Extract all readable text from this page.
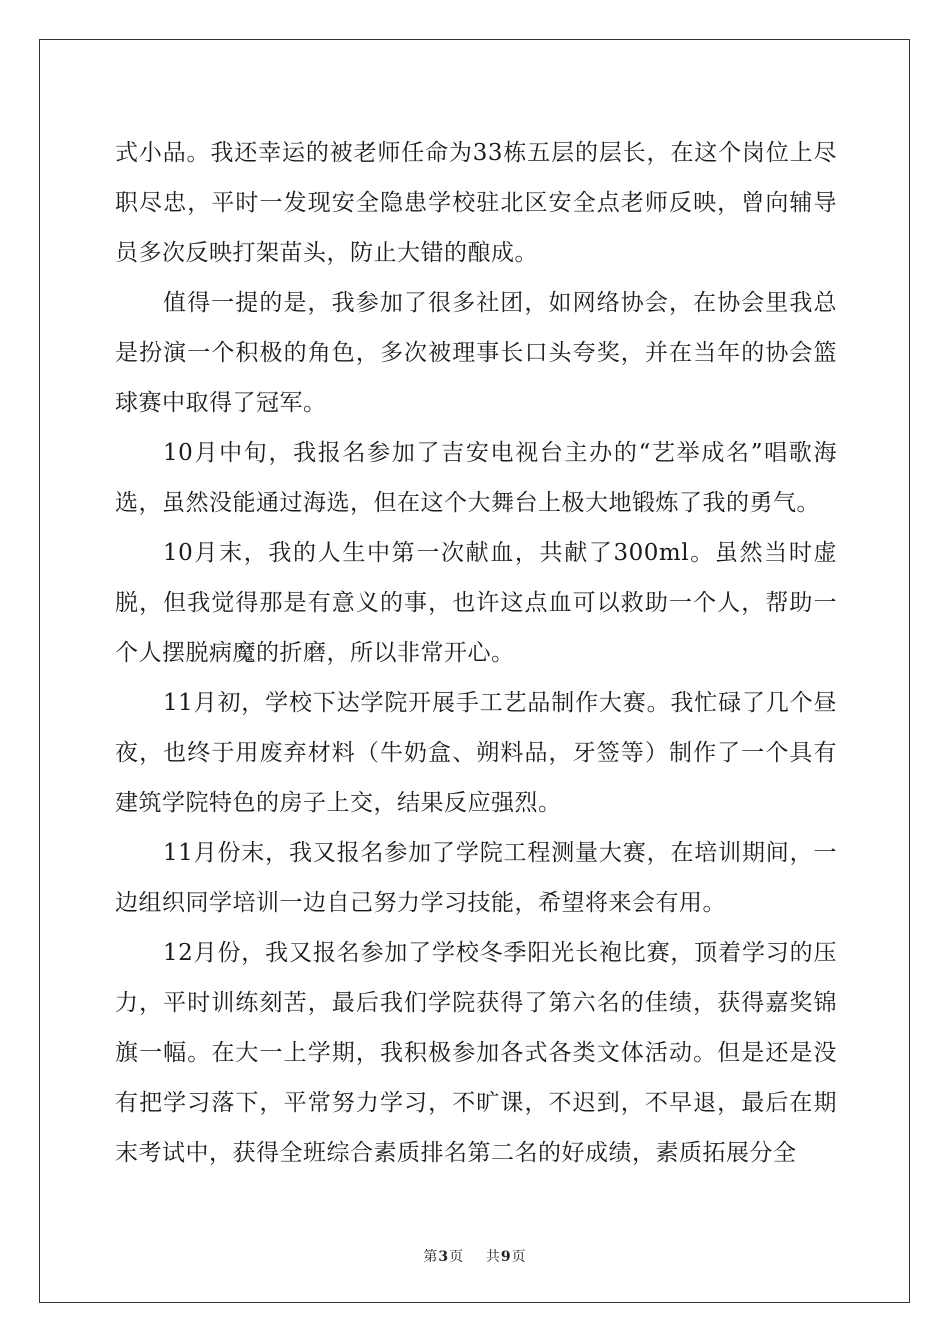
式小品。我还幸运的被老师任命为33栋五层的层长，在这个岗位上尽职尽忠，平时一发现安全隐患学校驻北区安全点老师反映，曾向辅导员多次反映打架苗头，防止大错的酿成。

值得一提的是，我参加了很多社团，如网络协会，在协会里我总是扮演一个积极的角色，多次被理事长口头夸奖，并在当年的协会篮球赛中取得了冠军。

10月中旬，我报名参加了吉安电视台主办的“艺举成名”唱歌海选，虽然没能通过海选，但在这个大舞台上极大地锻炼了我的勇气。

10月末，我的人生中第一次献血，共献了300ml。虽然当时虚脱，但我觉得那是有意义的事，也许这点血可以救助一个人，帮助一个人摆脱病魔的折磨，所以非常开心。

11月初，学校下达学院开展手工艺品制作大赛。我忙碌了几个昼夜，也终于用废弃材料（牛奶盒、朔料品，牙签等）制作了一个具有建筑学院特色的房子上交，结果反应强烈。

11月份末，我又报名参加了学院工程测量大赛，在培训期间，一边组织同学培训一边自己努力学习技能，希望将来会有用。

12月份，我又报名参加了学校冬季阳光长袍比赛，顶着学习的压力，平时训练刻苦，最后我们学院获得了第六名的佳绩，获得嘉奖锦旗一幅。在大一上学期，我积极参加各式各类文体活动。但是还是没有把学习落下，平常努力学习，不旷课，不迟到，不早退，最后在期末考试中，获得全班综合素质排名第二名的好成绩，素质拓展分全

第3页 共9页
